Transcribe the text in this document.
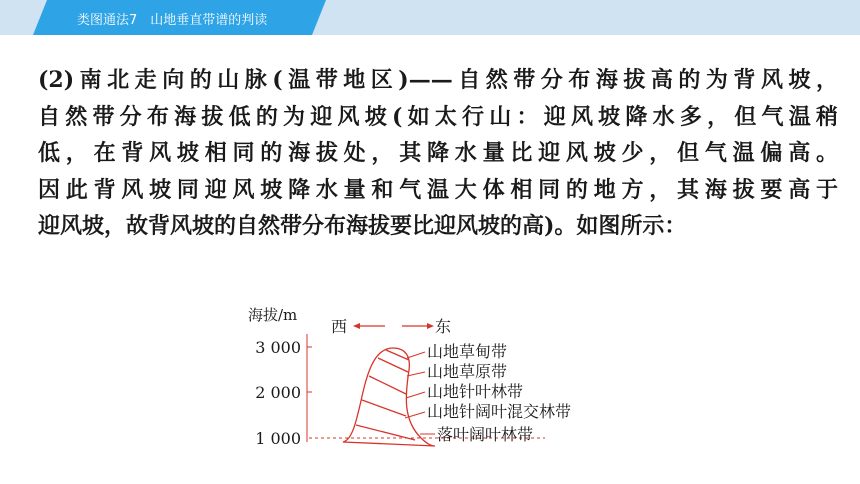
类图通法7　山地垂直带谱的判读
(2)南北走向的山脉(温带地区)——自然带分布海拔高的为背风坡，
自然带分布海拔低的为迎风坡(如太行山：迎风坡降水多，但气温稍
低，在背风坡相同的海拔处，其降水量比迎风坡少，但气温偏高。
因此背风坡同迎风坡降水量和气温大体相同的地方，其海拔要高于
迎风坡，故背风坡的自然带分布海拔要比迎风坡的高)。如图所示：
海拔/m
3 000
2 000
1 000
西	东
山地草甸带
山地草原带
山地针叶林带
山地针阔叶混交林带
落叶阔叶林带
